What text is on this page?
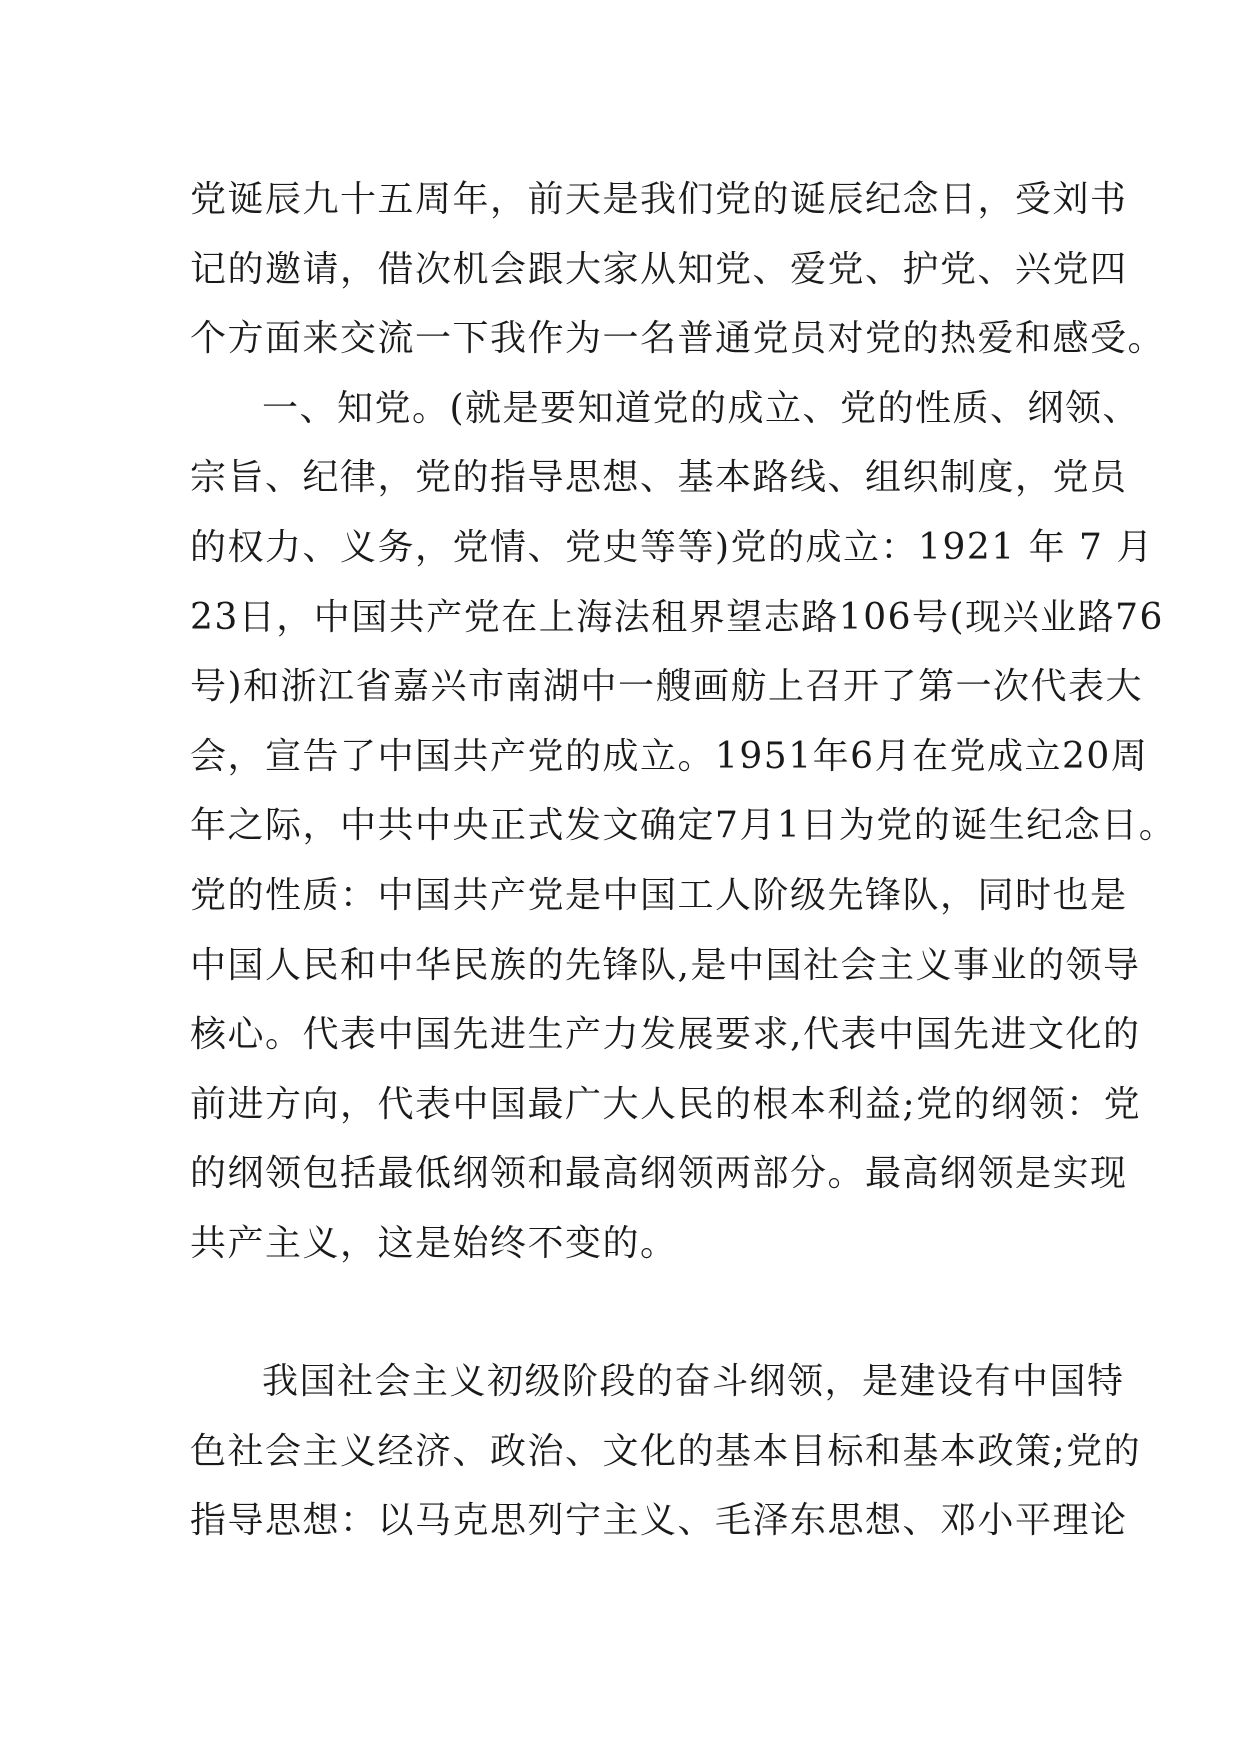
党诞辰九十五周年，前天是我们党的诞辰纪念日，受刘书
记的邀请，借次机会跟大家从知党、爱党、护党、兴党四
个方面来交流一下我作为一名普通党员对党的热爱和感受。
一、知党。(就是要知道党的成立、党的性质、纲领、
宗旨、纪律，党的指导思想、基本路线、组织制度，党员
的权力、义务，党情、党史等等)党的成立：1921 年 7 月
23日，中国共产党在上海法租界望志路106号(现兴业路76
号)和浙江省嘉兴市南湖中一艘画舫上召开了第一次代表大
会，宣告了中国共产党的成立。1951年6月在党成立20周
年之际，中共中央正式发文确定7月1日为党的诞生纪念日。
党的性质：中国共产党是中国工人阶级先锋队，同时也是
中国人民和中华民族的先锋队,是中国社会主义事业的领导
核心。代表中国先进生产力发展要求,代表中国先进文化的
前进方向，代表中国最广大人民的根本利益;党的纲领：党
的纲领包括最低纲领和最高纲领两部分。最高纲领是实现
共产主义，这是始终不变的。
我国社会主义初级阶段的奋斗纲领，是建设有中国特
色社会主义经济、政治、文化的基本目标和基本政策;党的
指导思想：以马克思列宁主义、毛泽东思想、邓小平理论
